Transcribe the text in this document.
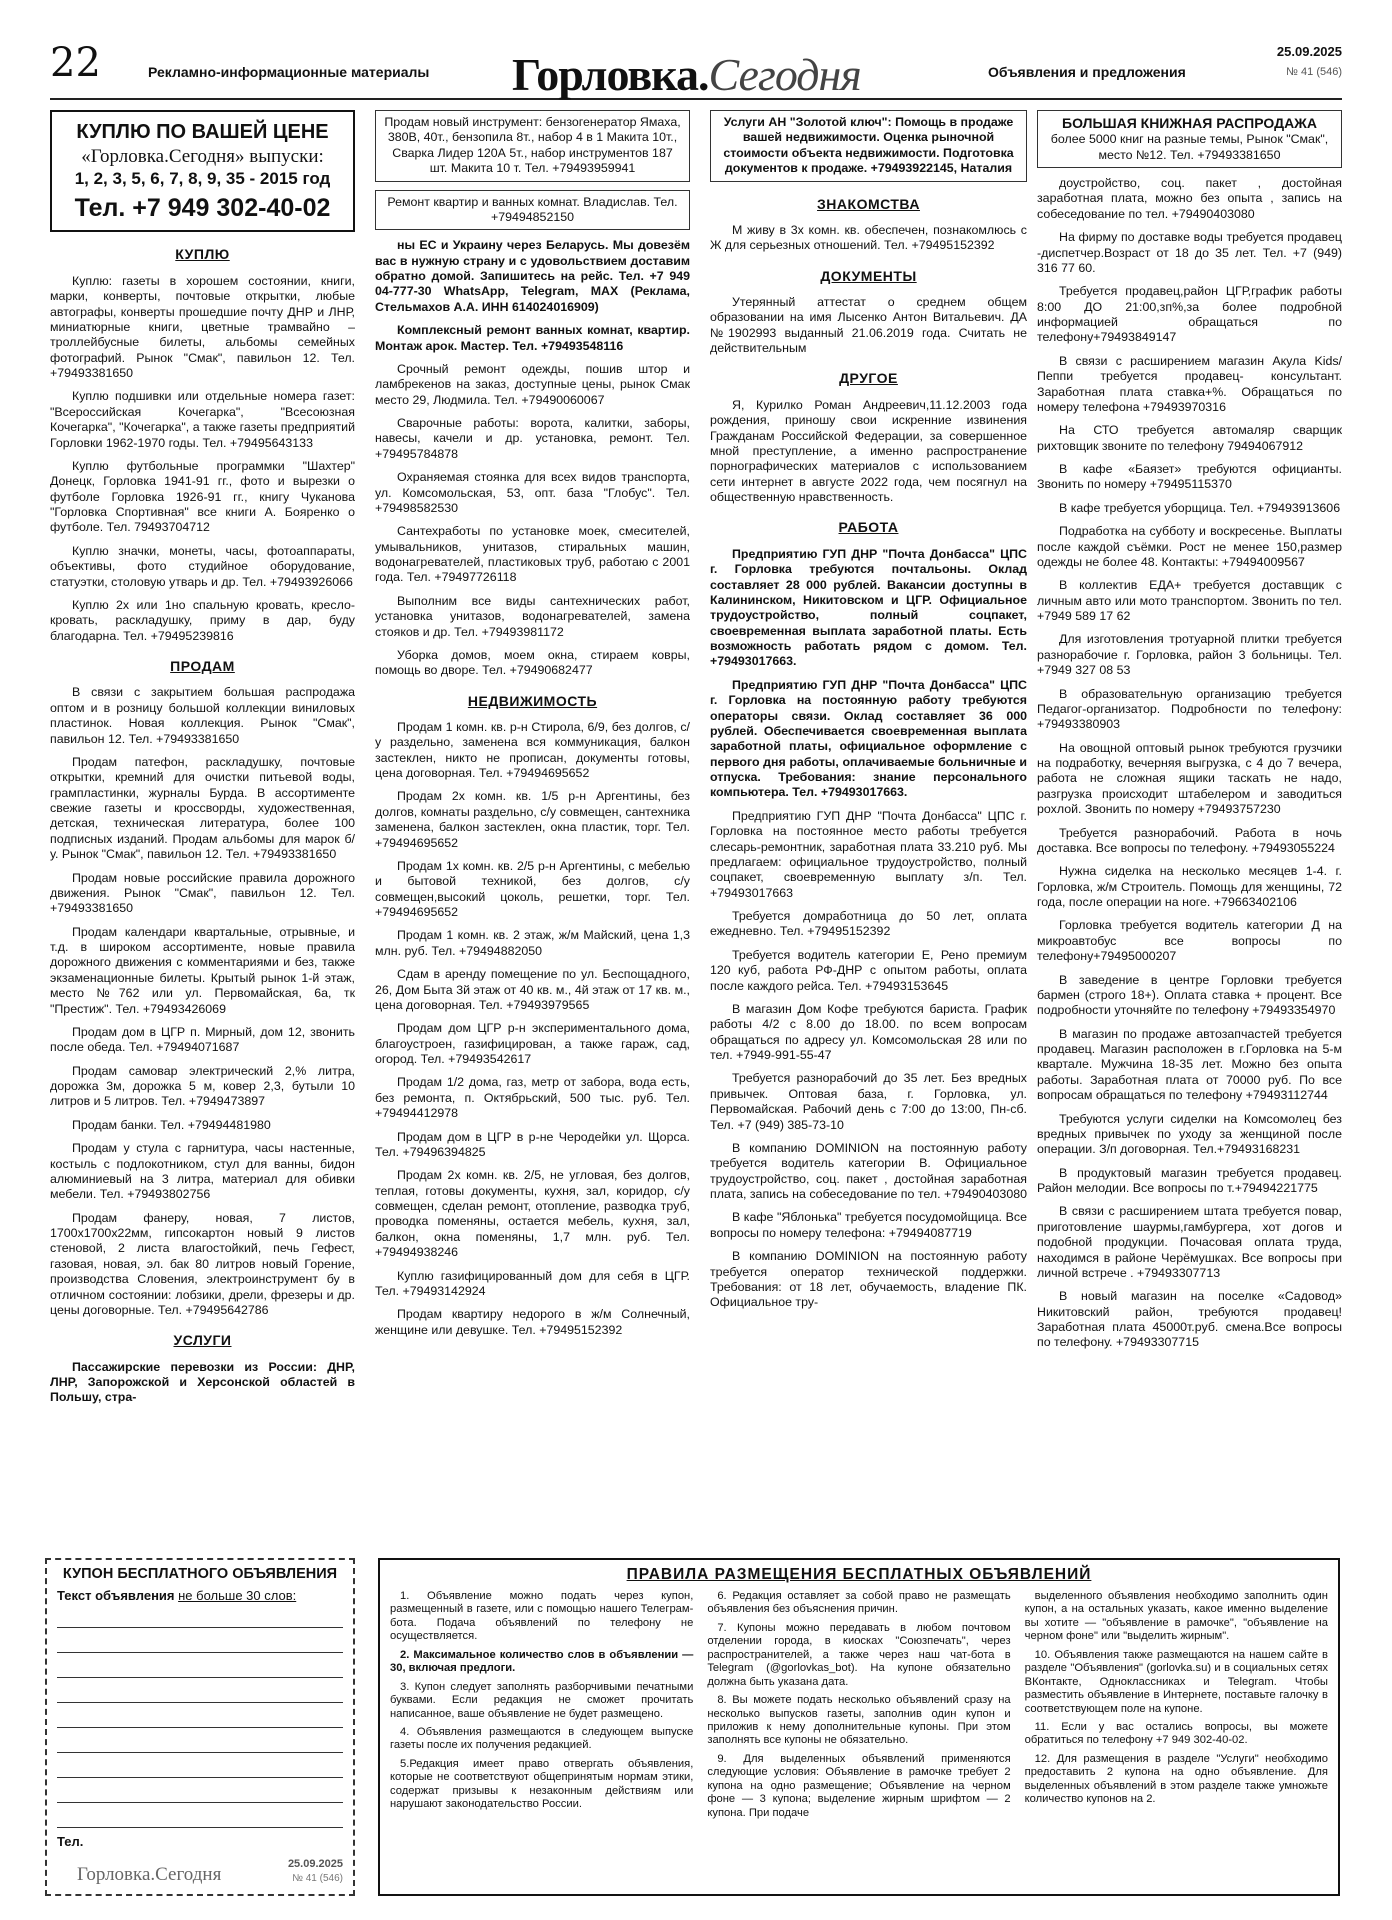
22	Рекламно-информационные материалы Горловка.Сегодня	Объявления и предложения
25.09.2025
№ 41 (546)
КУПЛЮ ПО ВАШЕЙ ЦЕНЕ
«Горловка.Сегодня» выпуски:
1, 2, 3, 5, 6, 7, 8, 9, 35 - 2015 год
Тел. +7 949 302-40-02
КУПЛЮ

Куплю: газеты в хорошем состоянии, книги, марки, конверты, почтовые открытки, любые автографы, конверты прошедшие почту ДНР и ЛНР, миниатюрные книги, цветные трамвайно – троллейбусные билеты, альбомы семейных фотографий. Рынок "Смак", павильон 12. Тел. +79493381650

Куплю подшивки или отдельные номера газет: "Всероссийская Кочегарка", "Всесоюзная Кочегарка", "Кочегарка", а также газеты предприятий Горловки 1962-1970 годы. Тел. +79495643133

Куплю футбольные программки "Шахтер" Донецк, Горловка 1941-91 гг., фото и вырезки о футболе Горловка 1926-91 гг., книгу Чуканова "Горловка Спортивная" все книги А. Бояренко о футболе. Тел. 79493704712

Куплю значки, монеты, часы, фотоаппараты, объективы, фото студийное оборудование, статуэтки, столовую утварь и др. Тел. +79493926066

Куплю 2х или 1но спальную кровать, кресло-кровать, раскладушку, приму в дар, буду благодарна. Тел. +79495239816

ПРОДАМ

В связи с закрытием большая распродажа оптом и в розницу большой коллекции виниловых пластинок. Новая коллекция. Рынок "Смак", павильон 12. Тел. +79493381650

Продам патефон, раскладушку, почтовые открытки, кремний для очистки питьевой воды, грампластинки, журналы Бурда. В ассортименте свежие газеты и кроссворды, художественная, детская, техническая литература, более 100 подписных изданий. Продам альбомы для марок б/у. Рынок "Смак", павильон 12. Тел. +79493381650

Продам новые российские правила дорожного движения. Рынок "Смак", павильон 12. Тел. +79493381650

Продам календари квартальные, отрывные, и т.д. в широком ассортименте, новые правила дорожного движения с комментариями и без, также экзаменационные билеты. Крытый рынок 1-й этаж, место №762 или ул. Первомайская, 6а, тк "Престиж". Тел. +79493426069

Продам дом в ЦГР п. Мирный, дом 12, звонить после обеда. Тел. +79494071687

Продам самовар электрический 2,% литра, дорожка 3м, дорожка 5 м, ковер 2,3, бутыли 10 литров и 5 литров. Тел. +7949473897

Продам банки. Тел. +79494481980

Продам у стула с гарнитура, часы настенные, костыль с подлокотником, стул для ванны, бидон алюминиевый на 3 литра, материал для обивки мебели. Тел. +79493802756

Продам фанеру, новая, 7 листов, 1700х1700х22мм, гипсокартон новый 9 листов стеновой, 2 листа влагостойкий, печь Гефест, газовая, новая, эл. бак 80 литров новый Горение, производства Словения, электроинструмент бу в отличном состоянии: лобзики, дрели, фрезеры и др. цены договорные. Тел. +79495642786

УСЛУГИ

Пассажирские перевозки из России: ДНР, ЛНР, Запорожской и Херсонской областей в Польшу, стра-

Продам новый инструмент: бензогенератор Ямаха, 380В, 40т., бензопила 8т., набор 4 в 1 Макита 10т., Сварка Лидер 120А 5т., набор инструментов 187 шт. Макита 10 т. Тел. +79493959941
Ремонт квартир и ванных комнат. Владислав. Тел. +79494852150

ны ЕС и Украину через Беларусь. Мы довезём вас в нужную страну и с удовольствием доставим обратно домой. Запишитесь на рейс. Тел. +7 949 04-777-30 WhatsApp, Telegram, MAX (Реклама, Стельмахов А.А. ИНН 614024016909)

Комплексный ремонт ванных комнат, квартир. Монтаж арок. Мастер. Тел. +79493548116

Срочный ремонт одежды, пошив штор и ламбрекенов на заказ, доступные цены, рынок Смак место 29, Людмила. Тел. +79490060067

Сварочные работы: ворота, калитки, заборы, навесы, качели и др. установка, ремонт. Тел. +79495784878

Охраняемая стоянка для всех видов транспорта, ул. Комсомольская, 53, опт. база "Глобус". Тел. +79498582530

Сантехработы по установке моек, смесителей, умывальников, унитазов, стиральных машин, водонагревателей, пластиковых труб, работаю с 2001 года. Тел. +79497726118

Выполним все виды сантехнических работ, установка унитазов, водонагревателей, замена стояков и др. Тел. +79493981172

Уборка домов, моем окна, стираем ковры, помощь во дворе. Тел. +79490682477

НЕДВИЖИМОСТЬ

Продам 1 комн. кв. р-н Стирола, 6/9, без долгов, с/у раздельно, заменена вся коммуникация, балкон застеклен, никто не прописан, документы готовы, цена договорная. Тел. +79494695652

Продам 2х комн. кв. 1/5 р-н Аргентины, без долгов, комнаты раздельно, с/у совмещен, сантехника заменена, балкон застеклен, окна пластик, торг. Тел. +79494695652

Продам 1х комн. кв. 2/5 р-н Аргентины, с мебелью и бытовой техникой, без долгов, с/у совмещен,высокий цоколь, решетки, торг. Тел. +79494695652

Продам 1 комн. кв. 2 этаж, ж/м Майский, цена 1,3 млн. руб. Тел. +79494882050

Сдам в аренду помещение по ул. Беспощадного, 26, Дом Быта 3й этаж от 40 кв. м., 4й этаж от 17 кв. м., цена договорная. Тел. +79493979565

Продам дом ЦГР р-н экспериментального дома, благоустроен, газифицирован, а также гараж, сад, огород. Тел. +79493542617

Продам 1/2 дома, газ, метр от забора, вода есть, без ремонта, п. Октябрьский, 500 тыс. руб. Тел. +79494412978

Продам дом в ЦГР в р-не Черодейки ул. Щорса. Тел. +79496394825

Продам 2х комн. кв. 2/5, не угловая, без долгов, теплая, готовы документы, кухня, зал, коридор, с/у совмещен, сделан ремонт, отопление, разводка труб, проводка поменяны, остается мебель, кухня, зал, балкон, окна поменяны, 1,7 млн. руб. Тел. +79494938246

Куплю газифицированный дом для себя в ЦГР. Тел. +79493142924

Продам квартиру недорого в ж/м Солнечный, женщине или девушке. Тел. +79495152392

Услуги АН "Золотой ключ": Помощь в продаже вашей недвижимости. Оценка рыночной стоимости объекта недвижимости. Подготовка документов к продаже. +79493922145, Наталия
ЗНАКОМСТВА

М живу в 3х комн. кв. обеспечен, познакомлюсь с Ж для серьезных отношений. Тел. +79495152392

ДОКУМЕНТЫ

Утерянный аттестат о среднем общем образовании на имя Лысенко Антон Витальевич. ДА №1902993 выданный 21.06.2019 года. Считать не действительным

ДРУГОЕ

Я, Курилко Роман Андреевич,11.12.2003 года рождения, приношу свои искренние извинения Гражданам Российской Федерации, за совершенное мной преступление, а именно распространение порнографических материалов с использованием сети интернет в августе 2022 года, чем посягнул на общественную нравственность.

РАБОТА

Предприятию ГУП ДНР "Почта Донбасса" ЦПС г. Горловка требуются почтальоны. Оклад составляет 28 000 рублей. Вакансии доступны в Калининском, Никитовском и ЦГР. Официальное трудоустройство, полный соцпакет, своевременная выплата заработной платы. Есть возможность работать рядом с домом. Тел. +79493017663.

Предприятию ГУП ДНР "Почта Донбасса" ЦПС г. Горловка на постоянную работу требуются операторы связи. Оклад составляет 36 000 рублей. Обеспечивается своевременная выплата заработной платы, официальное оформление с первого дня работы, оплачиваемые больничные и отпуска. Требования: знание персонального компьютера. Тел. +79493017663.

Предприятию ГУП ДНР "Почта Донбасса" ЦПС г. Горловка на постоянное место работы требуется слесарь-ремонтник, заработная плата 33.210 руб. Мы предлагаем: официальное трудоустройство, полный соцпакет, своевременную выплату з/п. Тел. +79493017663

Требуется домработница до 50 лет, оплата ежедневно. Тел. +79495152392

Требуется водитель категории Е, Рено премиум 120 куб, работа РФ-ДНР с опытом работы, оплата после каждого рейса. Тел. +79493153645

В магазин Дом Кофе требуются бариста. График работы 4/2 с 8.00 до 18.00. по всем вопросам обращаться по адресу ул. Комсомольская 28 или по тел. +7949-991-55-47

Требуется разнорабочий до 35 лет. Без вредных привычек. Оптовая база, г. Горловка, ул. Первомайская. Рабочий день с 7:00 до 13:00, Пн-сб. Тел. +7 (949) 385-73-10

В компанию DOMINION на постоянную работу требуется водитель категории В. Официальное трудоустройство, соц. пакет , достойная заработная плата, запись на собеседование по тел. +79490403080

В кафе "Яблонька" требуется посудомойщица. Все вопросы по номеру телефона: +79494087719

В компанию DOMINION на постоянную работу требуется оператор технической поддержки. Требования: от 18 лет, обучаемость, владение ПК. Официальное тру-

БОЛЬШАЯ КНИЖНАЯ РАСПРОДАЖА
более 5000 книг на разные темы, Рынок "Смак", место №12. Тел. +79493381650

доустройство, соц. пакет , достойная заработная плата, можно без опыта , запись на собеседование по тел. +79490403080

На фирму по доставке воды требуется продавец -диспетчер.Возраст от 18 до 35 лет. Тел. +7 (949) 316 77 60.

Требуется продавец,район ЦГР,график работы 8:00 ДО 21:00,зп%,за более подробной информацией обращаться по телефону+79493849147

В связи с расширением магазин Акула Kids/Пеппи требуется продавец- консультант. Заработная плата ставка+%. Обращаться по номеру телефона +79493970316

На СТО требуется автомаляр сварщик рихтовщик звоните по телефону 79494067912

В кафе «Баязет» требуются официанты. Звонить по номеру +79495115370

В кафе требуется уборщица. Тел. +79493913606

Подработка на субботу и воскресенье. Выплаты после каждой съёмки. Рост не менее 150,размер одежды не более 48. Контакты: +79494009567

В коллектив ЕДА+ требуется доставщик с личным авто или мото транспортом. Звонить по тел. +7949 589 17 62

Для изготовления тротуарной плитки требуется разнорабочие г. Горловка, район 3 больницы. Тел. +7949 327 08 53

В образовательную организацию требуется Педагог-организатор. Подробности по телефону: +79493380903

На овощной оптовый рынок требуются грузчики на подработку, вечерняя выгрузка, с 4 до 7 вечера, работа не сложная ящики таскать не надо, разгрузка происходит штабелером и заводиться рохлой. Звонить по номеру +79493757230

Требуется разнорабочий. Работа в ночь доставка. Все вопросы по телефону. +79493055224

Нужна сиделка на несколько месяцев 1-4. г. Горловка, ж/м Строитель. Помощь для женщины, 72 года, после операции на ноге. +79663402106

Горловка требуется водитель категории Д на микроавтобус все вопросы по телефону+79495000207

В заведение в центре Горловки требуется бармен (строго 18+). Оплата ставка + процент. Все подробности уточняйте по телефону +79493354970

В магазин по продаже автозапчастей требуется продавец. Магазин расположен в г.Горловка на 5-м квартале. Мужчина 18-35 лет. Можно без опыта работы. Заработная плата от 70000 руб. По все вопросам обращаться по телефону +79493112744

Требуются услуги сиделки на Комсомолец без вредных привычек по уходу за женщиной после операции. З/п договорная. Тел.+79493168231

В продуктовый магазин требуется продавец. Район мелодии. Все вопросы по т.+79494221775

В связи с расширением штата требуется повар, приготовление шаурмы,гамбургера, хот догов и подобной продукции. Почасовая оплата труда, находимся в районе Черёмушках. Все вопросы при личной встрече . +79493307713

В новый магазин на поселке «Садовод» Никитовский район, требуются продавец! Заработная плата 45000т.руб. смена.Все вопросы по телефону. +79493307715

КУПОН БЕСПЛАТНОГО ОБЪЯВЛЕНИЯ
Текст объявления не больше 30 слов:
Тел.
Горловка.Сегодня	25.09.2025
№ 41 (546)
ПРАВИЛА РАЗМЕЩЕНИЯ БЕСПЛАТНЫХ ОБЪЯВЛЕНИЙ

1. Объявление можно подать через купон, размещенный в газете, или с помощью нашего Телеграм-бота. Подача объявлений по телефону не осуществляется.

2. Максимальное количество слов в объявлении — 30, включая предлоги.

3. Купон следует заполнять разборчивыми печатными буквами. Если редакция не сможет прочитать написанное, ваше объявление не будет размещено.

4. Объявления размещаются в следующем выпуске газеты после их получения редакцией.

5.Редакция имеет право отвергать объявления, которые не соответствуют общепринятым нормам этики, содержат призывы к незаконным действиям или нарушают законодательство России.

6. Редакция оставляет за собой право не размещать объявления без объяснения причин.

7. Купоны можно передавать в любом почтовом отделении города, в киосках "Союзпечать", через распространителей, а также через наш чат-бота в Telegram (@gorlovkas_bot). На купоне обязательно должна быть указана дата.

8. Вы можете подать несколько объявлений сразу на несколько выпусков газеты, заполнив один купон и приложив к нему дополнительные купоны. При этом заполнять все купоны не обязательно.

9. Для выделенных объявлений применяются следующие условия: Объявление в рамочке требует 2 купона на одно размещение; Объявление на черном фоне — 3 купона; выделение жирным шрифтом — 2 купона. При подаче

выделенного объявления необходимо заполнить один купон, а на остальных указать, какое именно выделение вы хотите — "объявление в рамочке", "объявление на черном фоне" или "выделить жирным".

10. Объявления также размещаются на нашем сайте в разделе "Объявления" (gorlovka.su) и в социальных сетях ВКонтакте, Одноклассниках и Telegram. Чтобы разместить объявление в Интернете, поставьте галочку в соответствующем поле на купоне.

11. Если у вас остались вопросы, вы можете обратиться по телефону +7 949 302-40-02.

12. Для размещения в разделе "Услуги" необходимо предоставить 2 купона на одно объявление. Для выделенных объявлений в этом разделе также умножьте количество купонов на 2.
